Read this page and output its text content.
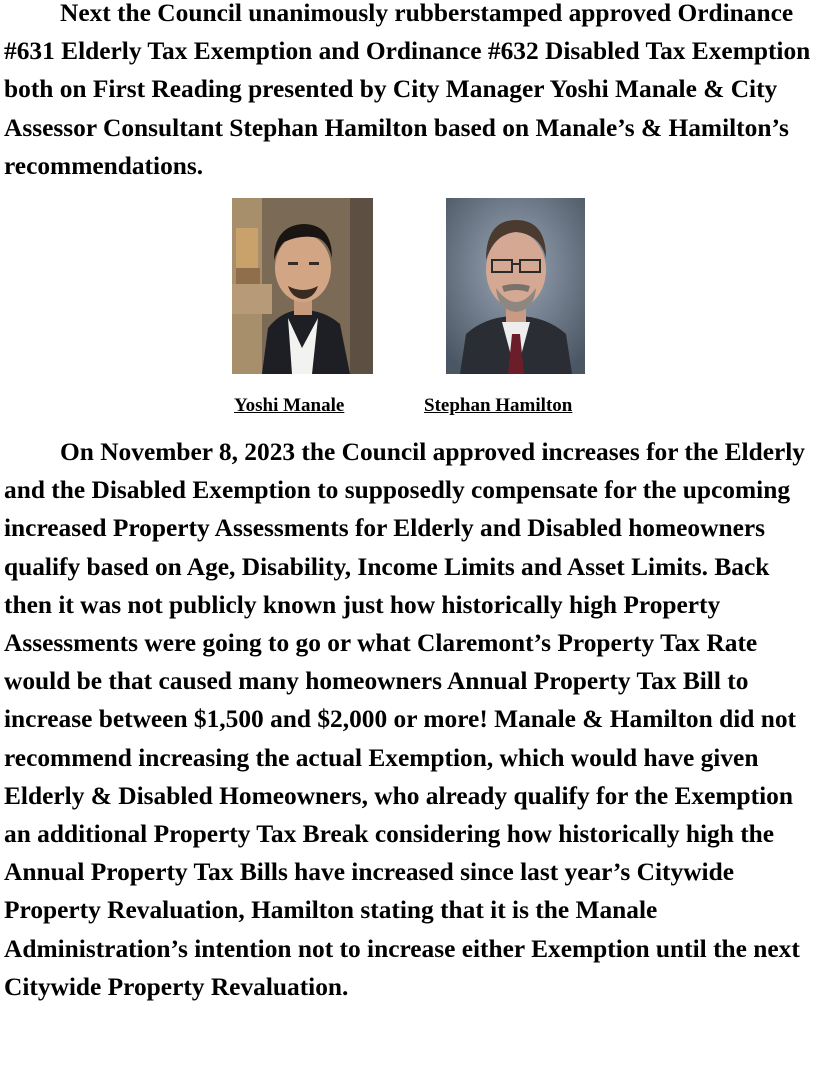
Next the Council unanimously rubberstamped approved Ordinance #631 Elderly Tax Exemption and Ordinance #632 Disabled Tax Exemption both on First Reading presented by City Manager Yoshi Manale & City Assessor Consultant Stephan Hamilton based on Manale’s & Hamilton’s recommendations.

Yoshi Manale	Stephan Hamilton

On November 8, 2023 the Council approved increases for the Elderly and the Disabled Exemption to supposedly compensate for the upcoming increased Property Assessments for Elderly and Disabled homeowners qualify based on Age, Disability, Income Limits and Asset Limits. Back then it was not publicly known just how historically high Property Assessments were going to go or what Claremont’s Property Tax Rate would be that caused many homeowners Annual Property Tax Bill to increase between $1,500 and $2,000 or more! Manale & Hamilton did not recommend increasing the actual Exemption, which would have given Elderly & Disabled Homeowners, who already qualify for the Exemption an additional Property Tax Break considering how historically high the Annual Property Tax Bills have increased since last year’s Citywide Property Revaluation, Hamilton stating that it is the Manale Administration’s intention not to increase either Exemption until the next Citywide Property Revaluation.
